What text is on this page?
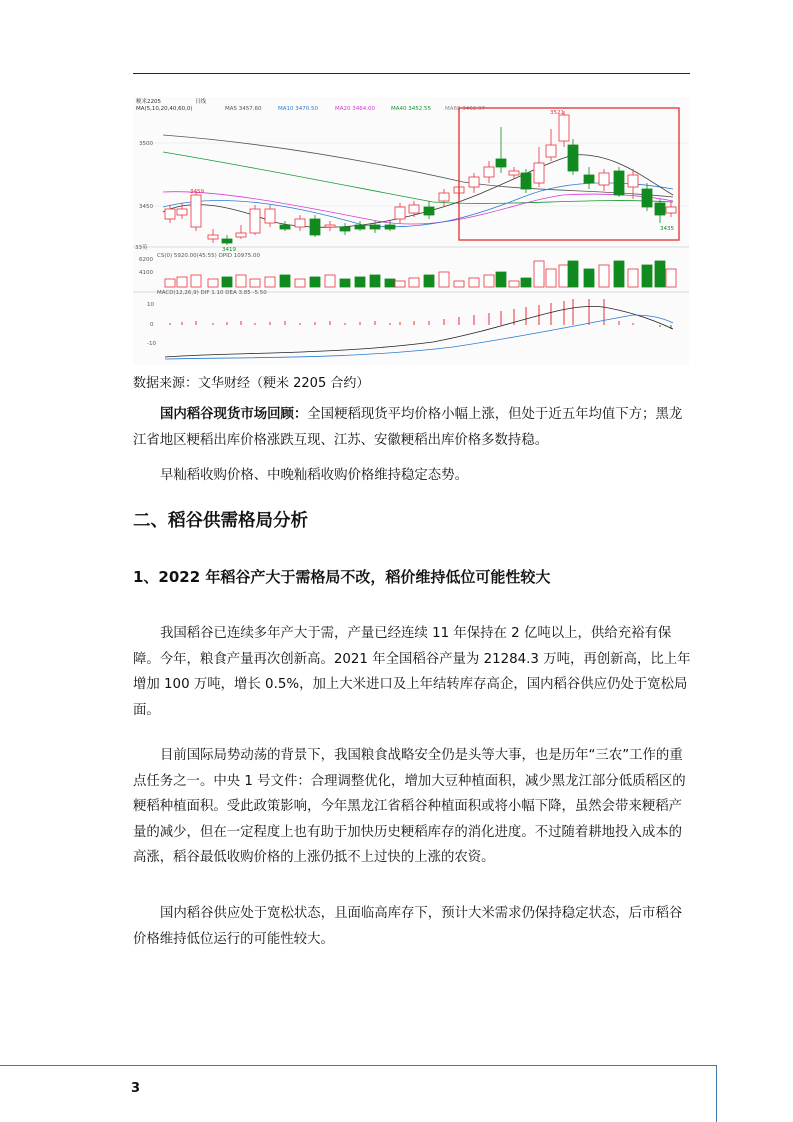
粳米2205	日线
MA(5,10,20,40,60,0)	MA5 3457.60	MA10 3470.50	MA20 3464.00	MA40 3452.55	MA60 3462.97
3500
3450
33英
CS(0) 5920.00(45:55) OPID 10975.00
6200
4100
MACD(12,26,9) DIF 1.10 DEA 3.85 -5.50
10
0
-10
3521
3459
3419
3435
数据来源：文华财经（粳米 2205 合约）
国内稻谷现货市场回顾：全国粳稻现货平均价格小幅上涨，但处于近五年均值下方；黑龙江省地区粳稻出库价格涨跌互现、江苏、安徽粳稻出库价格多数持稳。
早籼稻收购价格、中晚籼稻收购价格维持稳定态势。
二、稻谷供需格局分析
1、2022 年稻谷产大于需格局不改，稻价维持低位可能性较大
我国稻谷已连续多年产大于需，产量已经连续 11 年保持在 2 亿吨以上，供给充裕有保障。今年，粮食产量再次创新高。2021 年全国稻谷产量为 21284.3 万吨，再创新高，比上年增加 100 万吨，增长 0.5%，加上大米进口及上年结转库存高企，国内稻谷供应仍处于宽松局面。
目前国际局势动荡的背景下，我国粮食战略安全仍是头等大事，也是历年“三农”工作的重点任务之一。中央 1 号文件：合理调整优化，增加大豆种植面积，减少黑龙江部分低质稻区的粳稻种植面积。受此政策影响，今年黑龙江省稻谷种植面积或将小幅下降，虽然会带来粳稻产量的减少，但在一定程度上也有助于加快历史粳稻库存的消化进度。不过随着耕地投入成本的高涨，稻谷最低收购价格的上涨仍抵不上过快的上涨的农资。
国内稻谷供应处于宽松状态，且面临高库存下，预计大米需求仍保持稳定状态，后市稻谷价格维持低位运行的可能性较大。
3
